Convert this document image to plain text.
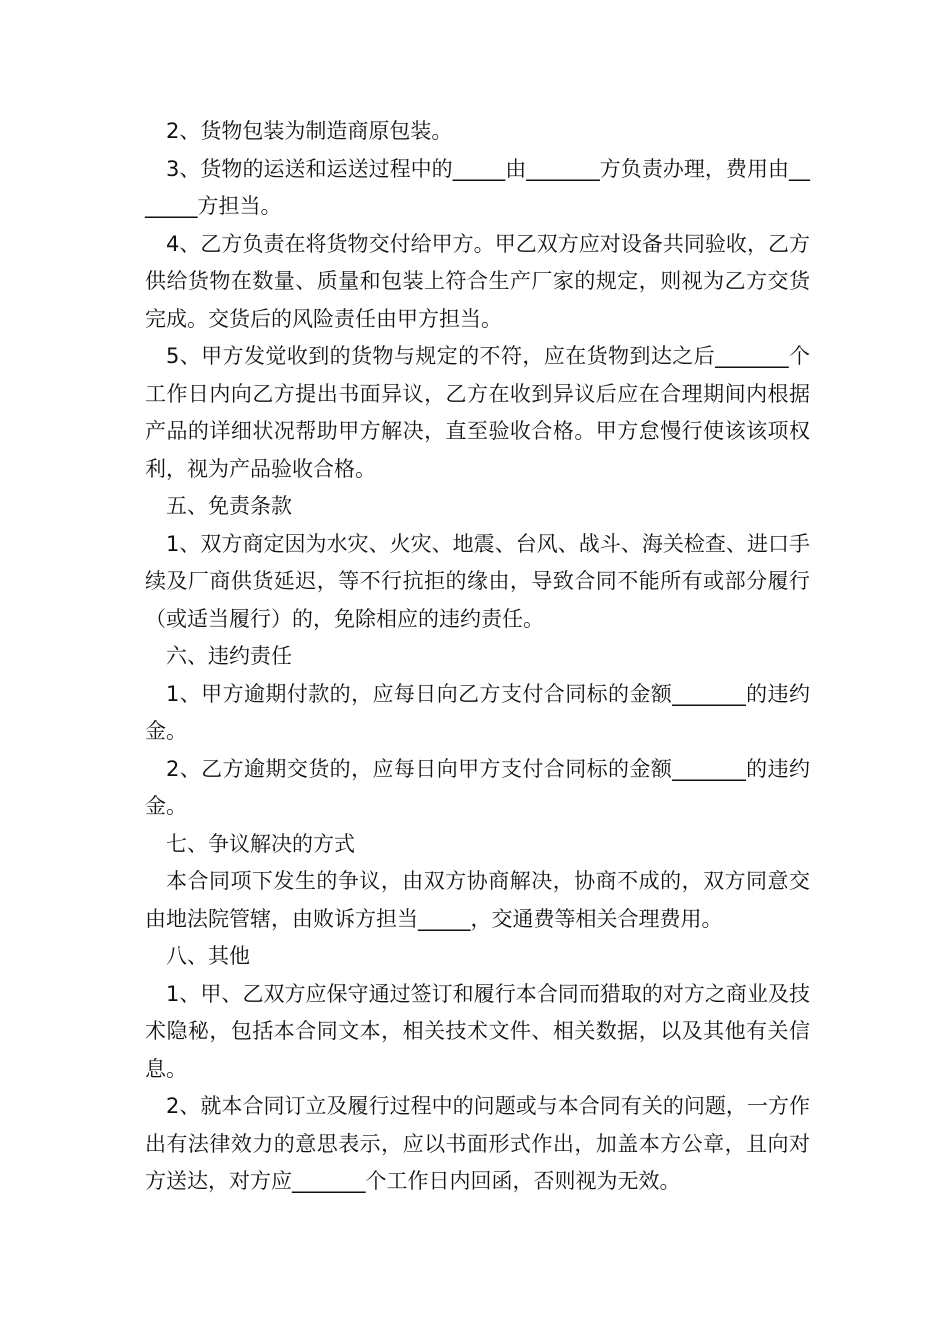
2、货物包装为制造商原包装。

3、货物的运送和运送过程中的_____由_______方负责办理，费用由_______方担当。

4、乙方负责在将货物交付给甲方。甲乙双方应对设备共同验收，乙方供给货物在数量、质量和包装上符合生产厂家的规定，则视为乙方交货完成。交货后的风险责任由甲方担当。

5、甲方发觉收到的货物与规定的不符，应在货物到达之后_______个工作日内向乙方提出书面异议，乙方在收到异议后应在合理期间内根据产品的详细状况帮助甲方解决，直至验收合格。甲方怠慢行使该该项权利，视为产品验收合格。

五、免责条款

1、双方商定因为水灾、火灾、地震、台风、战斗、海关检查、进口手续及厂商供货延迟，等不行抗拒的缘由，导致合同不能所有或部分履行（或适当履行）的，免除相应的违约责任。

六、违约责任

1、甲方逾期付款的，应每日向乙方支付合同标的金额_______的违约金。

2、乙方逾期交货的，应每日向甲方支付合同标的金额_______的违约金。

七、争议解决的方式

本合同项下发生的争议，由双方协商解决，协商不成的，双方同意交由地法院管辖，由败诉方担当_____，交通费等相关合理费用。

八、其他

1、甲、乙双方应保守通过签订和履行本合同而猎取的对方之商业及技术隐秘，包括本合同文本，相关技术文件、相关数据，以及其他有关信息。

2、就本合同订立及履行过程中的问题或与本合同有关的问题，一方作出有法律效力的意思表示，应以书面形式作出，加盖本方公章，且向对方送达，对方应_______个工作日内回函，否则视为无效。
